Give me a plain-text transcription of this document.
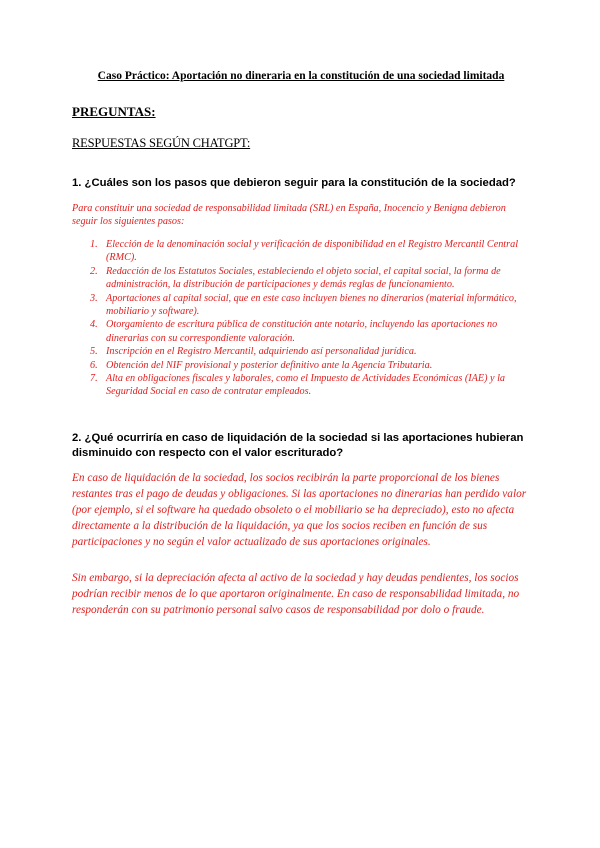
Caso Práctico: Aportación no dineraria en la constitución de una sociedad limitada
PREGUNTAS:
RESPUESTAS SEGÚN CHATGPT:
1. ¿Cuáles son los pasos que debieron seguir para la constitución de la sociedad?

Para constituir una sociedad de responsabilidad limitada (SRL) en España, Inocencio y Benigna debieron seguir los siguientes pasos:

1. Elección de la denominación social y verificación de disponibilidad en el Registro Mercantil Central (RMC).
2. Redacción de los Estatutos Sociales, estableciendo el objeto social, el capital social, la forma de administración, la distribución de participaciones y demás reglas de funcionamiento.
3. Aportaciones al capital social, que en este caso incluyen bienes no dinerarios (material informático, mobiliario y software).
4. Otorgamiento de escritura pública de constitución ante notario, incluyendo las aportaciones no dinerarias con su correspondiente valoración.
5. Inscripción en el Registro Mercantil, adquiriendo así personalidad jurídica.
6. Obtención del NIF provisional y posterior definitivo ante la Agencia Tributaria.
7. Alta en obligaciones fiscales y laborales, como el Impuesto de Actividades Económicas (IAE) y la Seguridad Social en caso de contratar empleados.
2. ¿Qué ocurriría en caso de liquidación de la sociedad si las aportaciones hubieran disminuido con respecto con el valor escriturado?

En caso de liquidación de la sociedad, los socios recibirán la parte proporcional de los bienes restantes tras el pago de deudas y obligaciones. Si las aportaciones no dinerarias han perdido valor (por ejemplo, si el software ha quedado obsoleto o el mobiliario se ha depreciado), esto no afecta directamente a la distribución de la liquidación, ya que los socios reciben en función de sus participaciones y no según el valor actualizado de sus aportaciones originales.

Sin embargo, si la depreciación afecta al activo de la sociedad y hay deudas pendientes, los socios podrían recibir menos de lo que aportaron originalmente. En caso de responsabilidad limitada, no responderán con su patrimonio personal salvo casos de responsabilidad por dolo o fraude.
